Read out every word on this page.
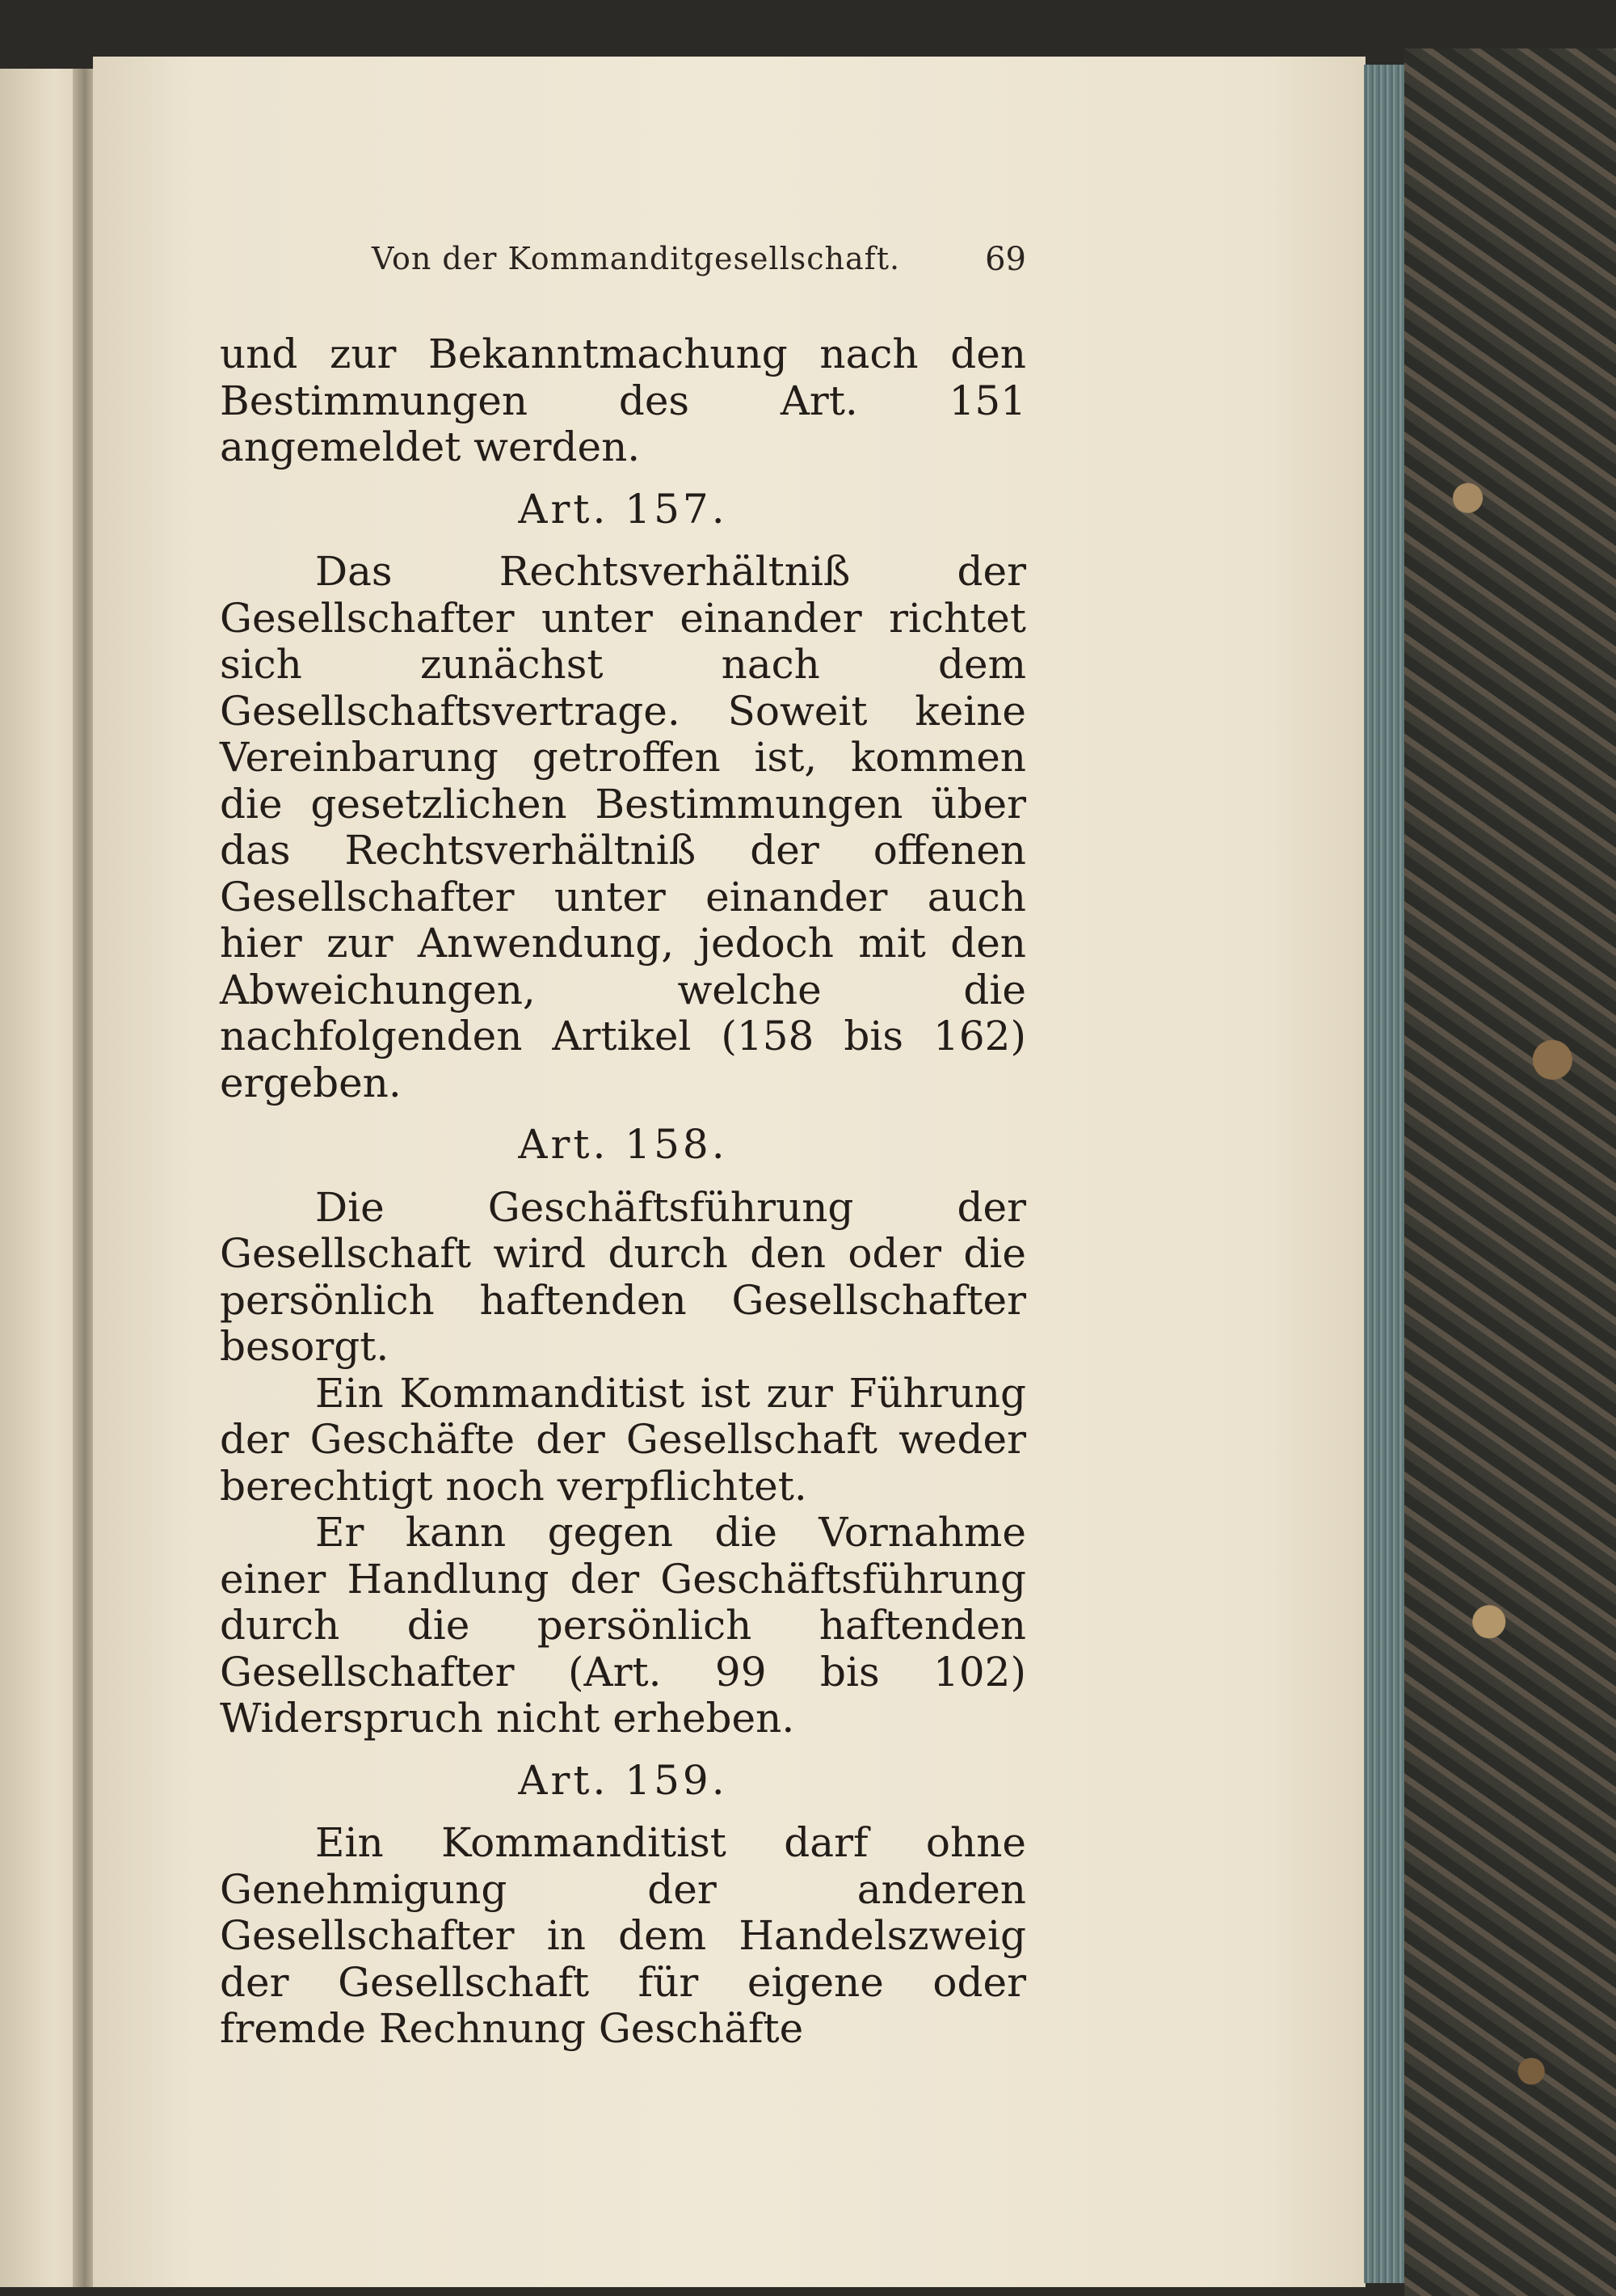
Von der Kommanditgesellschaft.	69

und zur Bekanntmachung nach den Bestimmungen des Art. 151 angemeldet werden.

Art. 157.

Das Rechtsverhältniß der Gesellschafter unter einander richtet sich zunächst nach dem Gesellschaftsvertrage. Soweit keine Vereinbarung getroffen ist, kommen die gesetzlichen Bestimmungen über das Rechtsverhältniß der offenen Gesellschafter unter einander auch hier zur Anwendung, jedoch mit den Abweichungen, welche die nachfolgenden Artikel (158 bis 162) ergeben.

Art. 158.

Die Geschäftsführung der Gesellschaft wird durch den oder die persönlich haftenden Gesellschafter besorgt.

Ein Kommanditist ist zur Führung der Geschäfte der Gesellschaft weder berechtigt noch verpflichtet.

Er kann gegen die Vornahme einer Handlung der Geschäftsführung durch die persönlich haftenden Gesellschafter (Art. 99 bis 102) Widerspruch nicht erheben.

Art. 159.

Ein Kommanditist darf ohne Genehmigung der anderen Gesellschafter in dem Handelszweig der Gesellschaft für eigene oder fremde Rechnung Geschäfte
